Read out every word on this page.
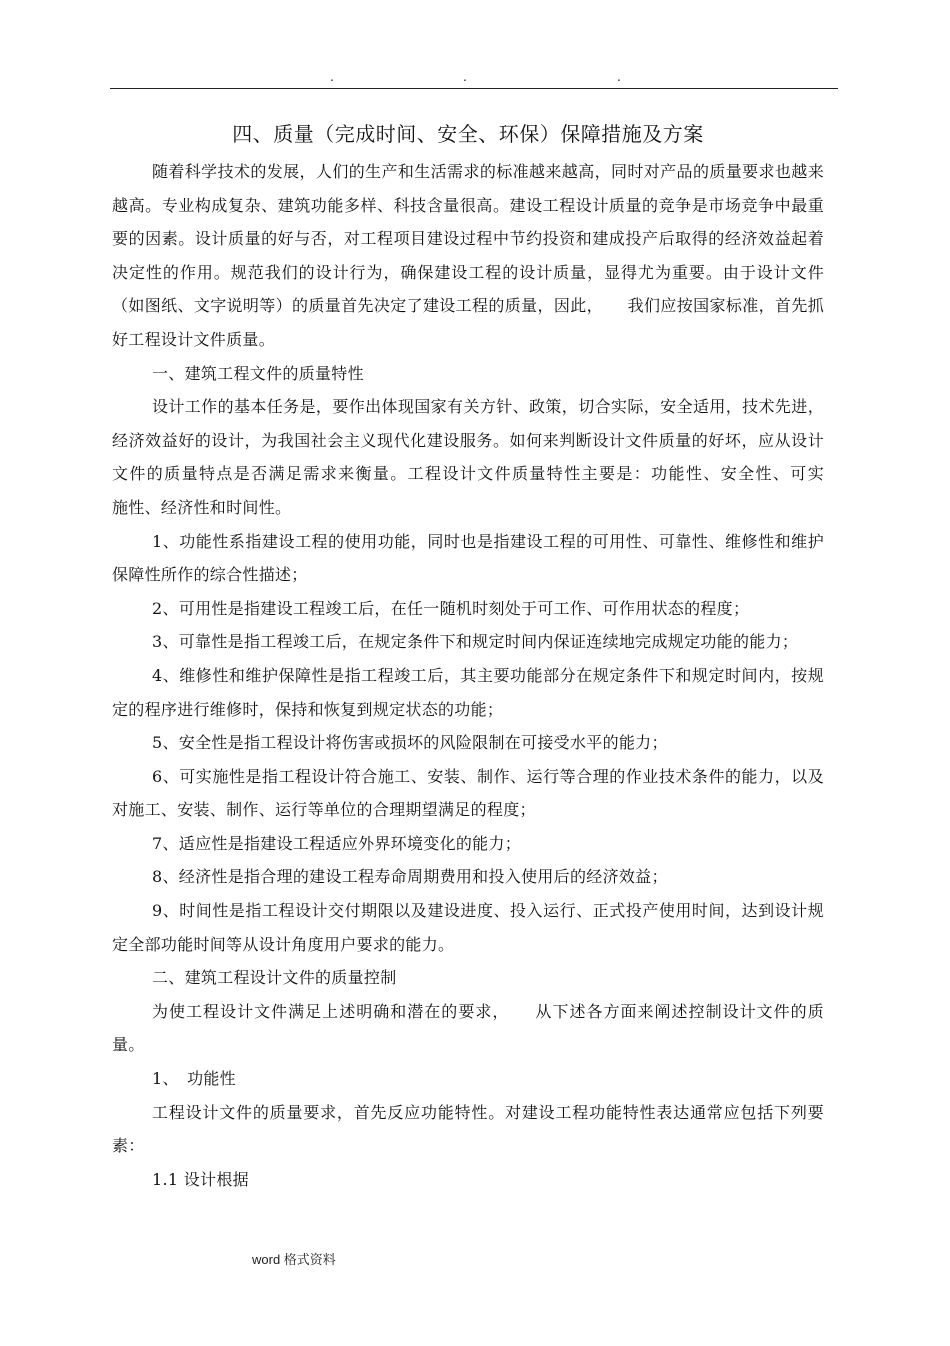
.	.	.
四、质量（完成时间、安全、环保）保障措施及方案

随着科学技术的发展，人们的生产和生活需求的标准越来越高，同时对产品的质量要求也越来越高。专业构成复杂、建筑功能多样、科技含量很高。建设工程设计质量的竞争是市场竞争中最重要的因素。设计质量的好与否，对工程项目建设过程中节约投资和建成投产后取得的经济效益起着决定性的作用。规范我们的设计行为，确保建设工程的设计质量，显得尤为重要。由于设计文件（如图纸、文字说明等）的质量首先决定了建设工程的质量，因此，　　我们应按国家标准，首先抓好工程设计文件质量。

一、建筑工程文件的质量特性

设计工作的基本任务是，要作出体现国家有关方针、政策，切合实际，安全适用，技术先进，经济效益好的设计，为我国社会主义现代化建设服务。如何来判断设计文件质量的好坏，应从设计文件的质量特点是否满足需求来衡量。工程设计文件质量特性主要是：功能性、安全性、可实　　施性、经济性和时间性。

1、功能性系指建设工程的使用功能，同时也是指建设工程的可用性、可靠性、维修性和维护保障性所作的综合性描述；

2、可用性是指建设工程竣工后，在任一随机时刻处于可工作、可作用状态的程度；

3、可靠性是指工程竣工后，在规定条件下和规定时间内保证连续地完成规定功能的能力；

4、维修性和维护保障性是指工程竣工后，其主要功能部分在规定条件下和规定时间内，按规定的程序进行维修时，保持和恢复到规定状态的功能；

5、安全性是指工程设计将伤害或损坏的风险限制在可接受水平的能力；

6、可实施性是指工程设计符合施工、安装、制作、运行等合理的作业技术条件的能力，以及对施工、安装、制作、运行等单位的合理期望满足的程度；

7、适应性是指建设工程适应外界环境变化的能力；

8、经济性是指合理的建设工程寿命周期费用和投入使用后的经济效益；

9、时间性是指工程设计交付期限以及建设进度、投入运行、正式投产使用时间，达到设计规定全部功能时间等从设计角度用户要求的能力。

二、建筑工程设计文件的质量控制

为使工程设计文件满足上述明确和潜在的要求，　　从下述各方面来阐述控制设计文件的质量。

1、　功能性

工程设计文件的质量要求，首先反应功能特性。对建设工程功能特性表达通常应包括下列要素：

1.1 设计根据

word 格式资料
